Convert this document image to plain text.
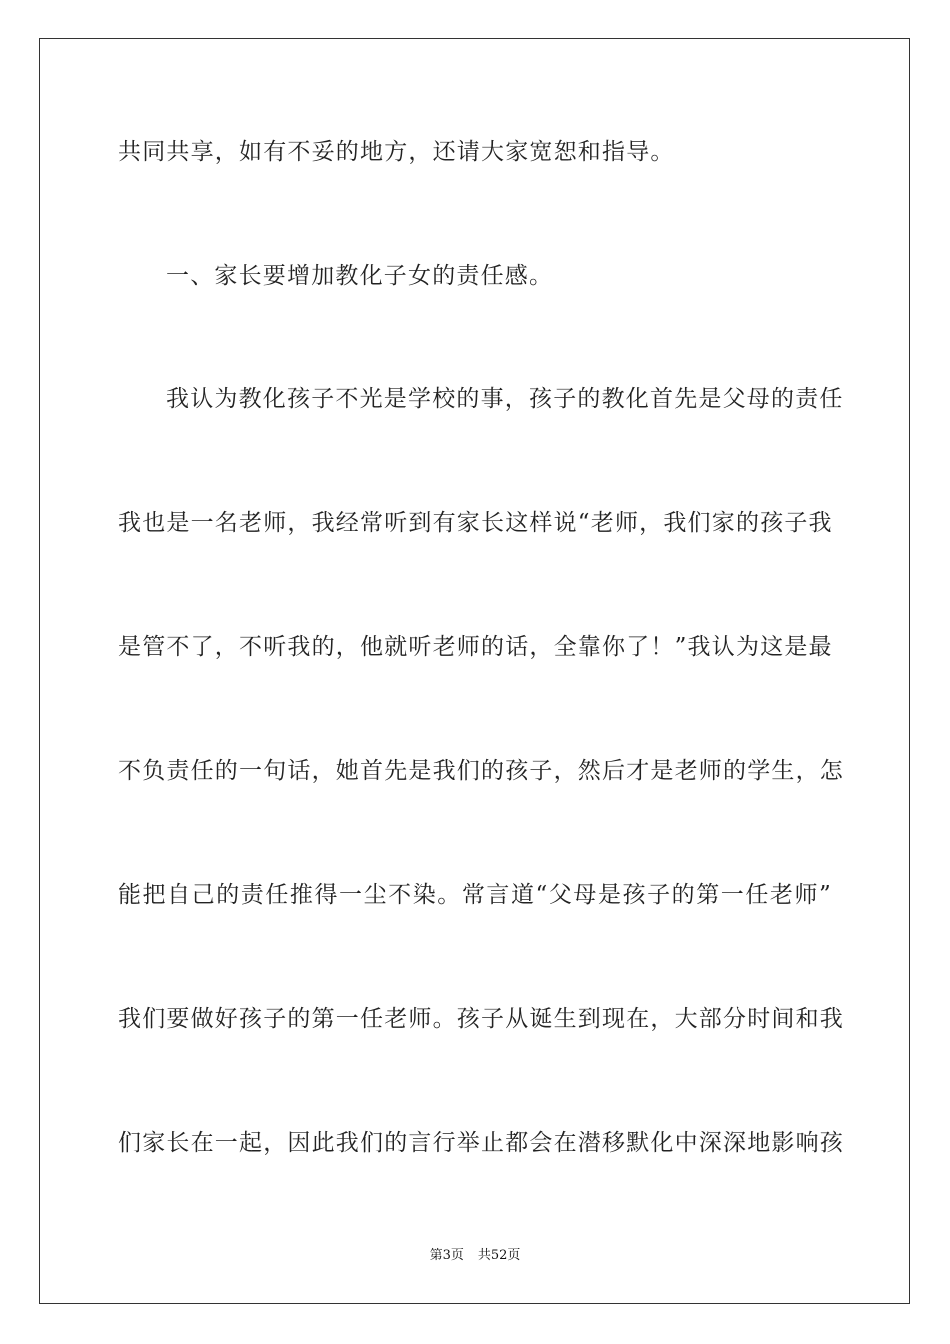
共同共享，如有不妥的地方，还请大家宽恕和指导。
一、家长要增加教化子女的责任感。
我认为教化孩子不光是学校的事，孩子的教化首先是父母的责任
我也是一名老师，我经常听到有家长这样说“老师，我们家的孩子我
是管不了，不听我的，他就听老师的话，全靠你了！”我认为这是最
不负责任的一句话，她首先是我们的孩子，然后才是老师的学生，怎
能把自己的责任推得一尘不染。常言道“父母是孩子的第一任老师”
我们要做好孩子的第一任老师。孩子从诞生到现在，大部分时间和我
们家长在一起，因此我们的言行举止都会在潜移默化中深深地影响孩
第3页 共52页
